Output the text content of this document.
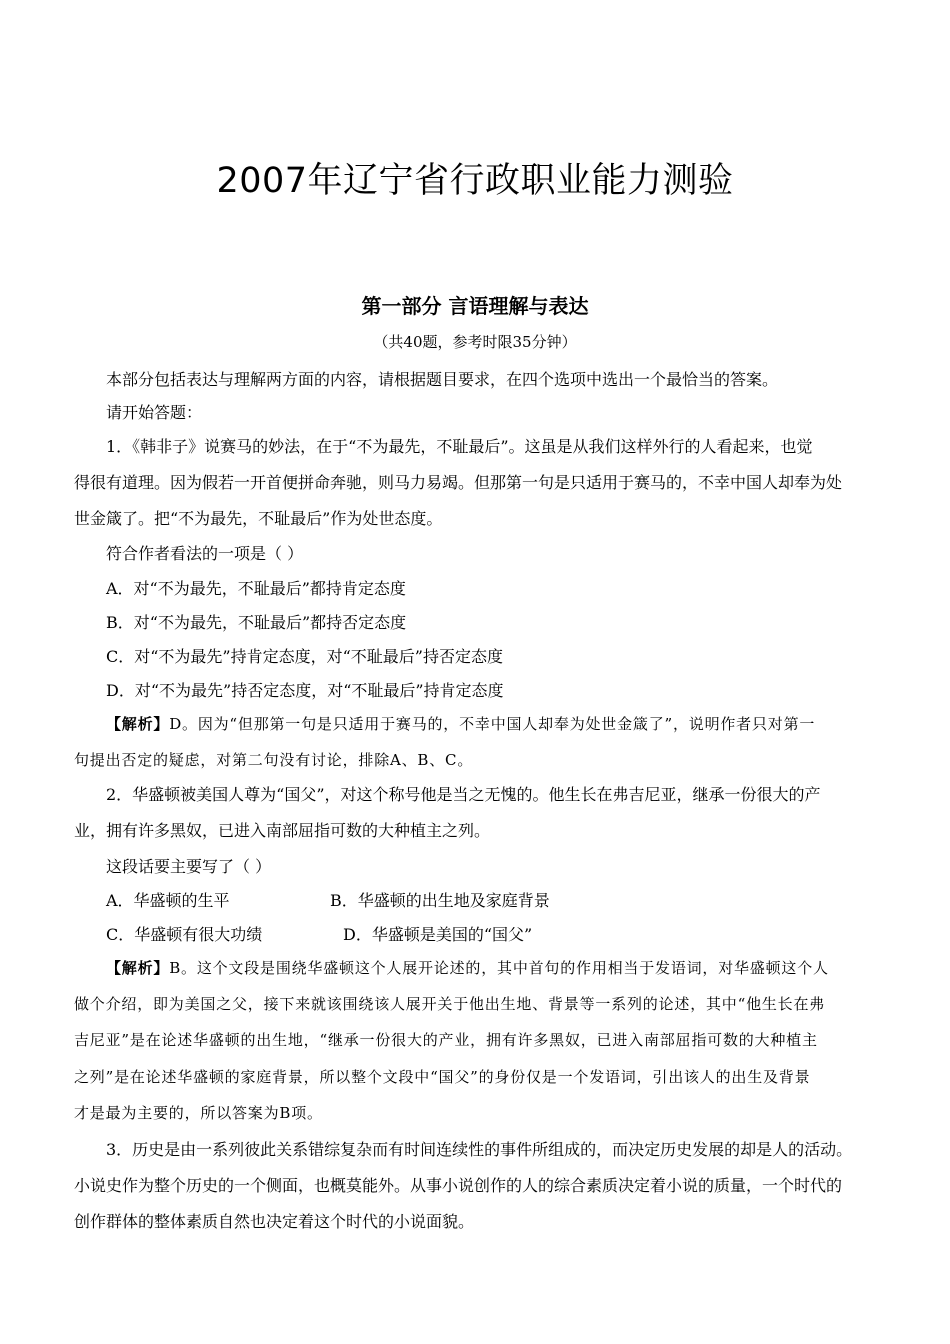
2007年辽宁省行政职业能力测验
第一部分 言语理解与表达
（共40题，参考时限35分钟）
本部分包括表达与理解两方面的内容，请根据题目要求，在四个选项中选出一个最恰当的答案。
请开始答题：
1．《韩非子》说赛马的妙法，在于“不为最先，不耻最后”。这虽是从我们这样外行的人看起来，也觉
得很有道理。因为假若一开首便拼命奔驰，则马力易竭。但那第一句是只适用于赛马的，不幸中国人却奉为处
世金箴了。把“不为最先，不耻最后”作为处世态度。
符合作者看法的一项是（ ）
A．对“不为最先，不耻最后”都持肯定态度
B．对“不为最先，不耻最后”都持否定态度
C．对“不为最先”持肯定态度，对“不耻最后”持否定态度
D．对“不为最先”持否定态度，对“不耻最后”持肯定态度
【解析】D。因为“但那第一句是只适用于赛马的，不幸中国人却奉为处世金箴了”，说明作者只对第一
句提出否定的疑虑，对第二句没有讨论，排除A、B、C。
2．华盛顿被美国人尊为“国父”，对这个称号他是当之无愧的。他生长在弗吉尼亚，继承一份很大的产
业，拥有许多黑奴，已进入南部屈指可数的大种植主之列。
这段话要主要写了（ ）
A．华盛顿的生平	B．华盛顿的出生地及家庭背景
C．华盛顿有很大功绩	D．华盛顿是美国的“国父”
【解析】B。这个文段是围绕华盛顿这个人展开论述的，其中首句的作用相当于发语词，对华盛顿这个人
做个介绍，即为美国之父，接下来就该围绕该人展开关于他出生地、背景等一系列的论述，其中“他生长在弗
吉尼亚”是在论述华盛顿的出生地，“继承一份很大的产业，拥有许多黑奴，已进入南部屈指可数的大种植主
之列”是在论述华盛顿的家庭背景，所以整个文段中“国父”的身份仅是一个发语词，引出该人的出生及背景
才是最为主要的，所以答案为B项。
3．历史是由一系列彼此关系错综复杂而有时间连续性的事件所组成的，而决定历史发展的却是人的活动。
小说史作为整个历史的一个侧面，也概莫能外。从事小说创作的人的综合素质决定着小说的质量，一个时代的
创作群体的整体素质自然也决定着这个时代的小说面貌。
